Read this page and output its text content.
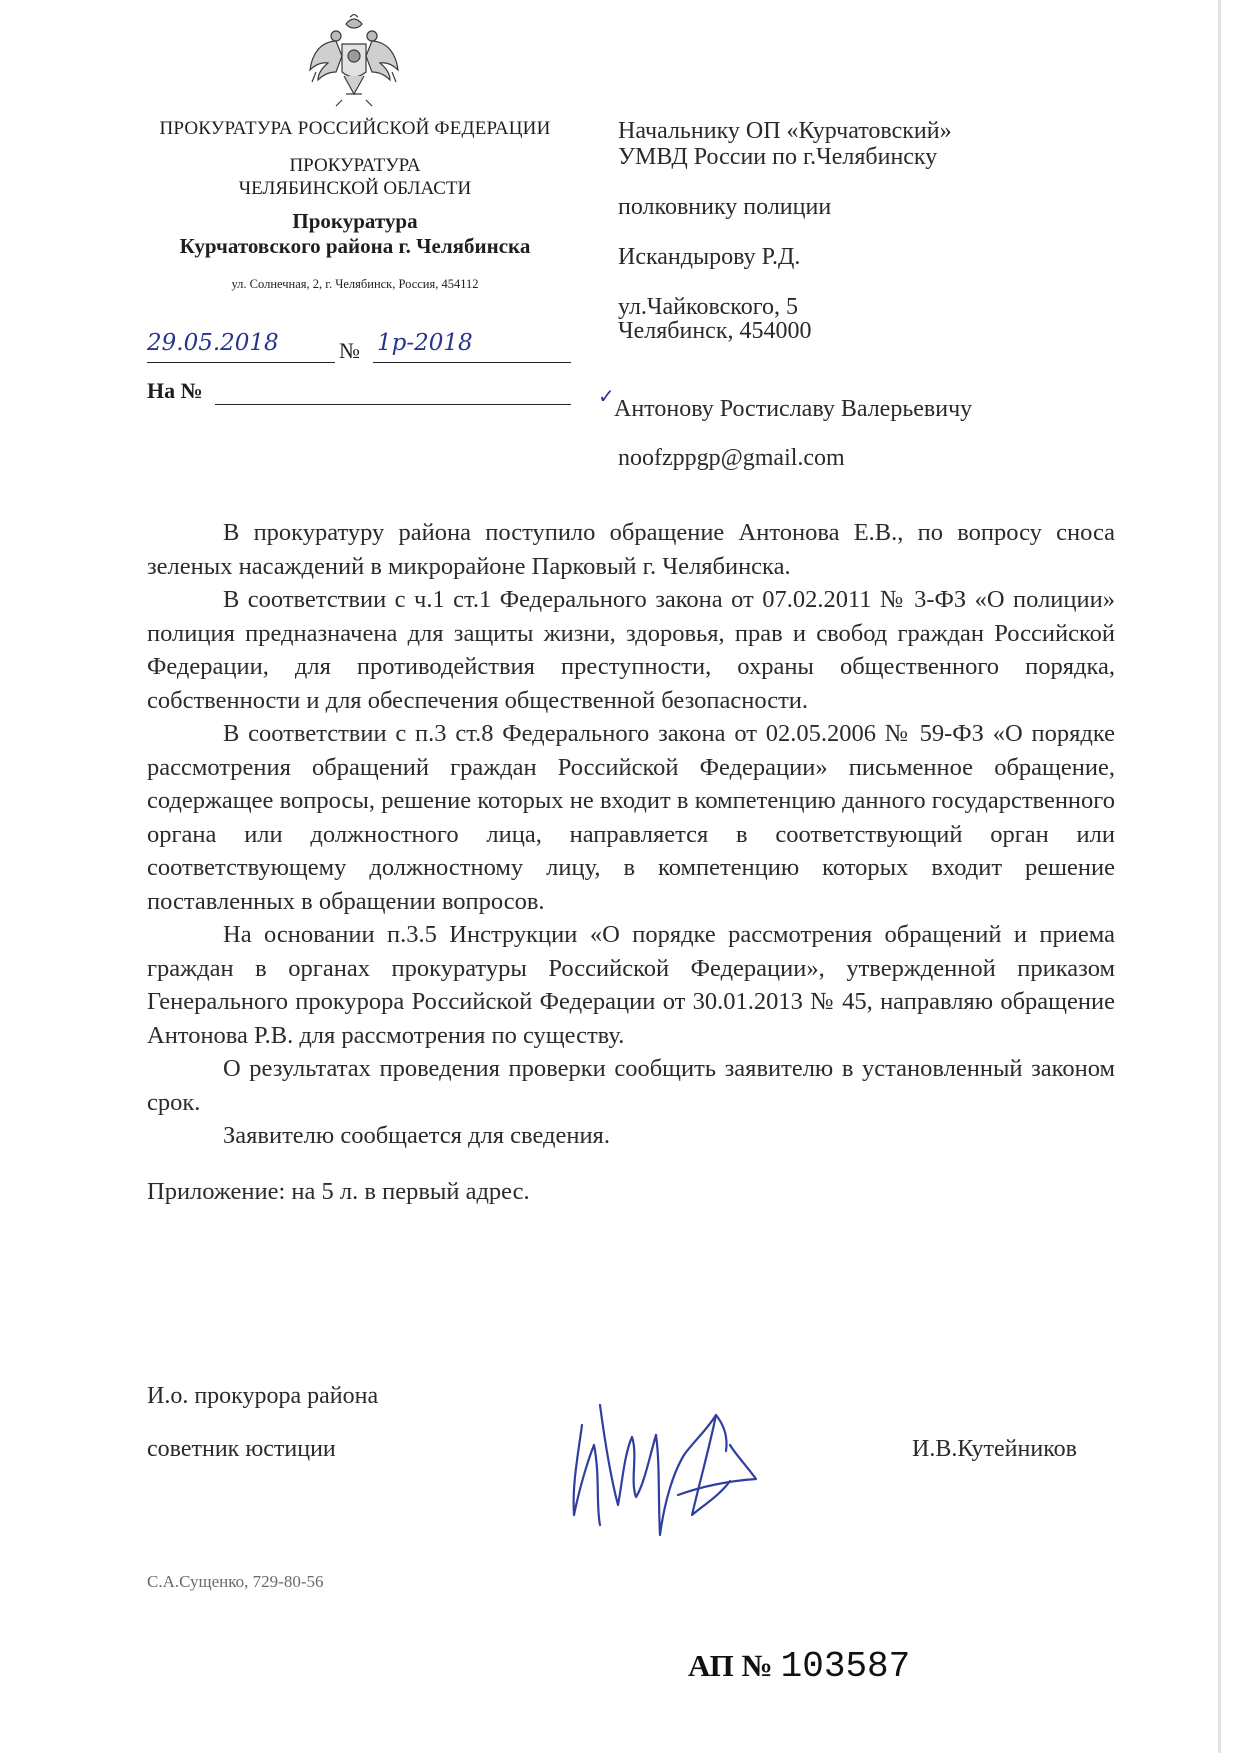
ПРОКУРАТУРА РОССИЙСКОЙ ФЕДЕРАЦИИ
ПРОКУРАТУРА
ЧЕЛЯБИНСКОЙ ОБЛАСТИ
Прокуратура
Курчатовского района г. Челябинска
ул. Солнечная, 2, г. Челябинск, Россия, 454112
29.05.2018	№ 1р-2018
На №
Начальнику ОП «Курчатовский»
УМВД России по г.Челябинску
полковнику полиции
Искандырову Р.Д.
ул.Чайковского, 5
Челябинск, 454000
✓ Антонову Ростиславу Валерьевичу
noofzppgp@gmail.com

В прокуратуру района поступило обращение Антонова Е.В., по вопросу сноса зеленых насаждений в микрорайоне Парковый г. Челябинска.

В соответствии с ч.1 ст.1 Федерального закона от 07.02.2011 № 3-ФЗ «О полиции» полиция предназначена для защиты жизни, здоровья, прав и свобод граждан Российской Федерации, для противодействия преступности, охраны общественного порядка, собственности и для обеспечения общественной безопасности.

В соответствии с п.3 ст.8 Федерального закона от 02.05.2006 № 59-ФЗ «О порядке рассмотрения обращений граждан Российской Федерации» письменное обращение, содержащее вопросы, решение которых не входит в компетенцию данного государственного органа или должностного лица, направляется в соответствующий орган или соответствующему должностному лицу, в компетенцию которых входит решение поставленных в обращении вопросов.

На основании п.3.5 Инструкции «О порядке рассмотрения обращений и приема граждан в органах прокуратуры Российской Федерации», утвержденной приказом Генерального прокурора Российской Федерации от 30.01.2013 № 45, направляю обращение Антонова Р.В. для рассмотрения по существу.

О результатах проведения проверки сообщить заявителю в установленный законом срок.

Заявителю сообщается для сведения.

Приложение: на 5 л. в первый адрес.

И.о. прокурора района
советник юстиции	И.В.Кутейников
С.А.Сущенко, 729-80-56
АП № 103587
